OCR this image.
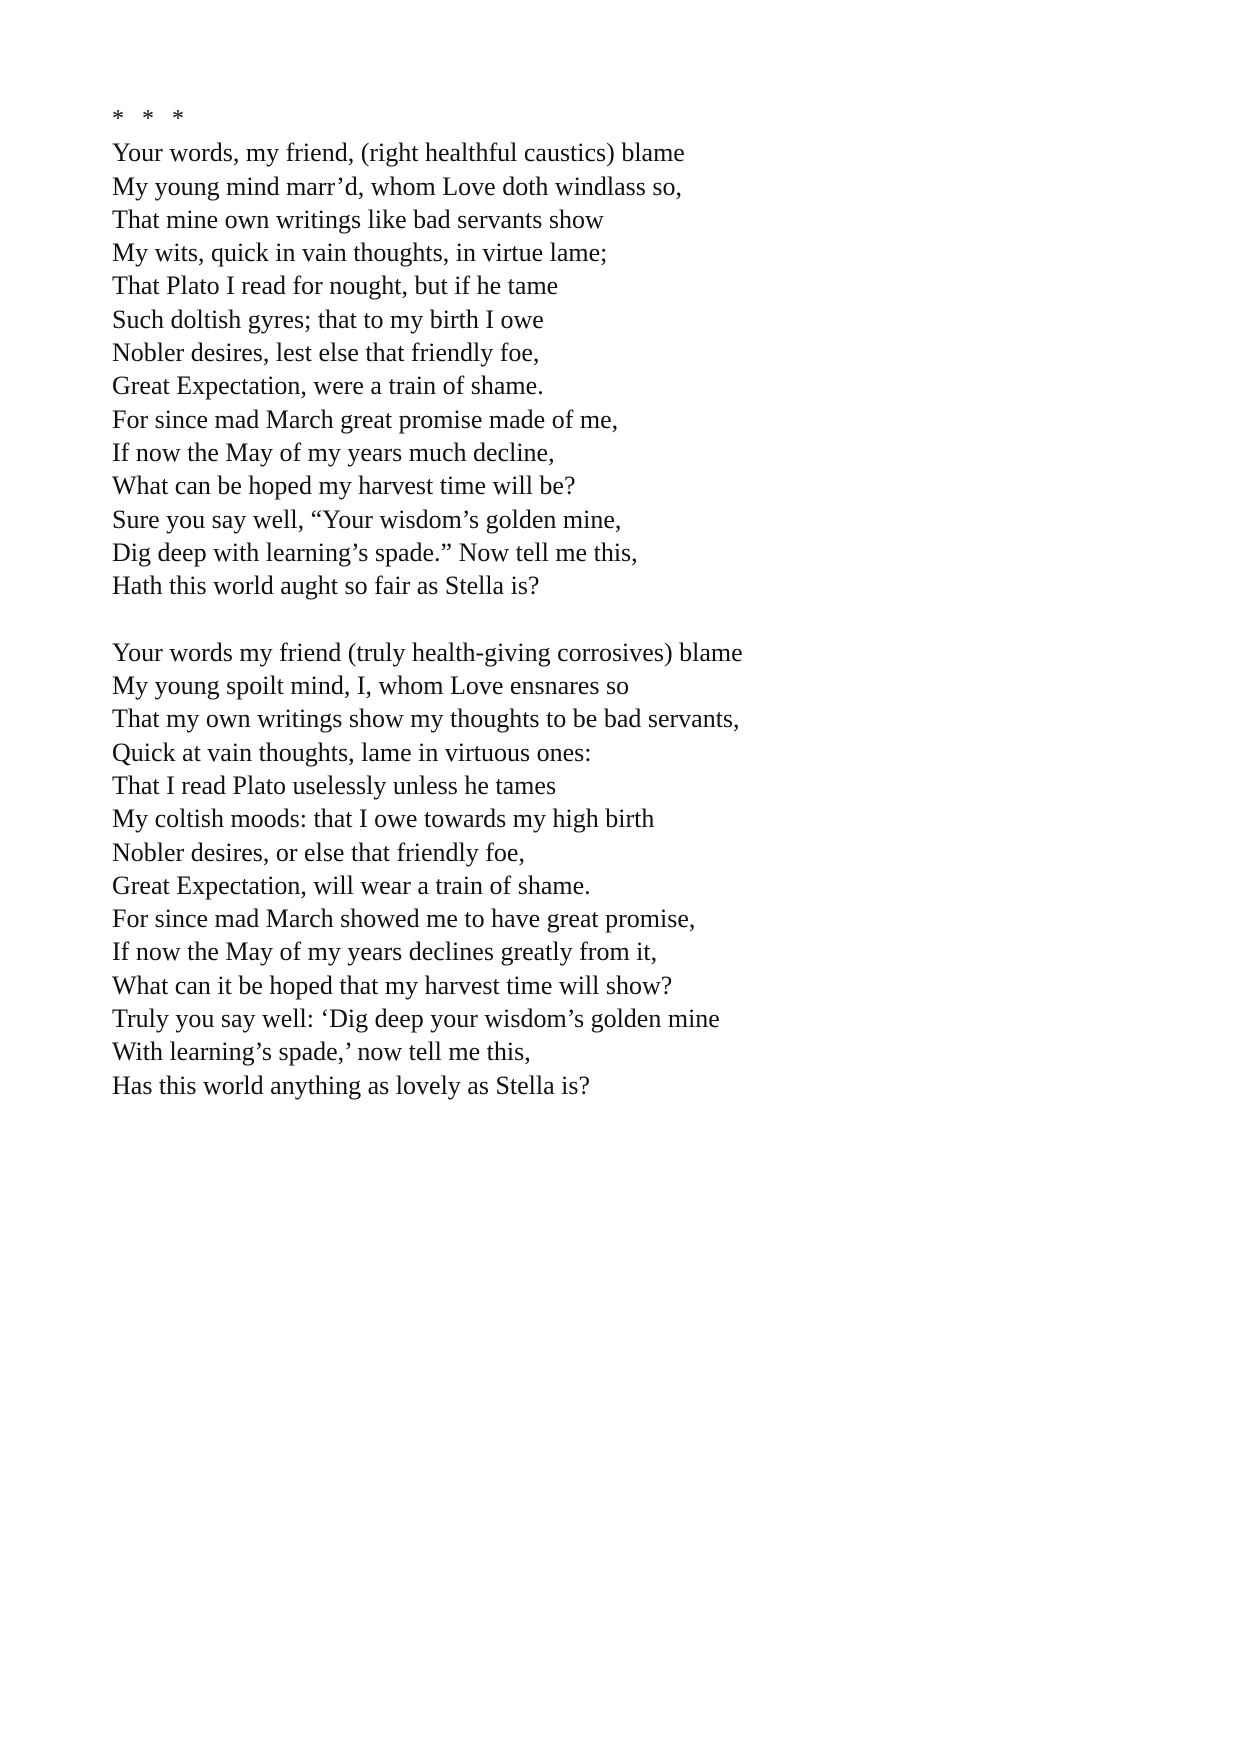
*   *   *
Your words, my friend, (right healthful caustics) blame
My young mind marr’d, whom Love doth windlass so,
That mine own writings like bad servants show
My wits, quick in vain thoughts, in virtue lame;
That Plato I read for nought, but if he tame
Such doltish gyres; that to my birth I owe
Nobler desires, lest else that friendly foe,
Great Expectation, were a train of shame.
For since mad March great promise made of me,
If now the May of my years much decline,
What can be hoped my harvest time will be?
Sure you say well, “Your wisdom’s golden mine,
Dig deep with learning’s spade.” Now tell me this,
Hath this world aught so fair as Stella is?
Your words my friend (truly health-giving corrosives) blame
My young spoilt mind, I, whom Love ensnares so
That my own writings show my thoughts to be bad servants,
Quick at vain thoughts, lame in virtuous ones:
That I read Plato uselessly unless he tames
My coltish moods: that I owe towards my high birth
Nobler desires, or else that friendly foe,
Great Expectation, will wear a train of shame.
For since mad March showed me to have great promise,
If now the May of my years declines greatly from it,
What can it be hoped that my harvest time will show?
Truly you say well: ‘Dig deep your wisdom’s golden mine
With learning’s spade,’ now tell me this,
Has this world anything as lovely as Stella is?
